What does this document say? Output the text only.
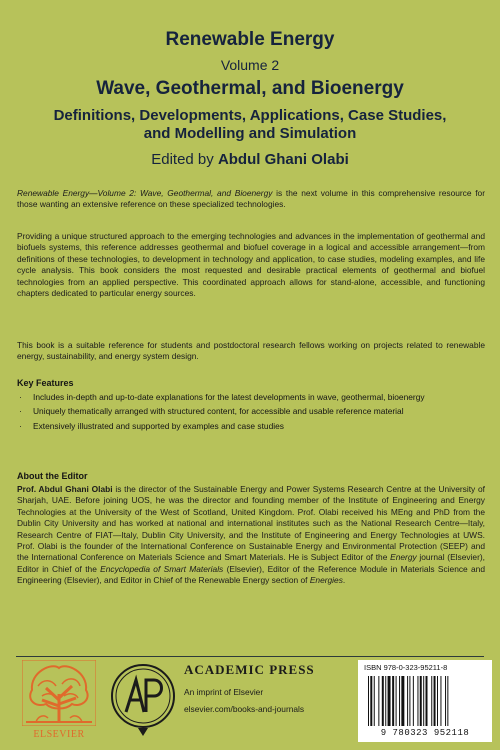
Renewable Energy
Volume 2
Wave, Geothermal, and Bioenergy
Definitions, Developments, Applications, Case Studies, and Modelling and Simulation
Edited by Abdul Ghani Olabi
Renewable Energy—Volume 2: Wave, Geothermal, and Bioenergy is the next volume in this comprehensive resource for those wanting an extensive reference on these specialized technologies.
Providing a unique structured approach to the emerging technologies and advances in the implementation of geothermal and biofuels systems, this reference addresses geothermal and biofuel coverage in a logical and accessible arrangement—from definitions of these technologies, to development in technology and application, to case studies, modeling examples, and life cycle analysis. This book considers the most requested and desirable practical elements of geothermal and biofuel technologies from an applied perspective. This coordinated approach allows for stand-alone, accessible, and functioning chapters dedicated to particular energy sources.
This book is a suitable reference for students and postdoctoral research fellows working on projects related to renewable energy, sustainability, and energy system design.
Key Features
· Includes in-depth and up-to-date explanations for the latest developments in wave, geothermal, bioenergy
· Uniquely thematically arranged with structured content, for accessible and usable reference material
· Extensively illustrated and supported by examples and case studies
About the Editor
Prof. Abdul Ghani Olabi is the director of the Sustainable Energy and Power Systems Research Centre at the University of Sharjah, UAE. Before joining UOS, he was the director and founding member of the Institute of Engineering and Energy Technologies at the University of the West of Scotland, United Kingdom. Prof. Olabi received his MEng and PhD from the Dublin City University and has worked at national and international institutes such as the National Research Centre—Italy, Research Centre of FIAT—Italy, Dublin City University, and the Institute of Engineering and Energy Technologies at UWS. Prof. Olabi is the founder of the International Conference on Sustainable Energy and Environmental Protection (SEEP) and the International Conference on Materials Science and Smart Materials. He is Subject Editor of the Energy journal (Elsevier), Editor in Chief of the Encyclopedia of Smart Materials (Elsevier), Editor of the Reference Module in Materials Science and Engineering (Elsevier), and Editor in Chief of the Renewable Energy section of Energies.
ELSEVIER
ACADEMIC PRESS
An imprint of Elsevier
elsevier.com/books-and-journals
ISBN 978-0-323-95211-8
9 780323 952118
